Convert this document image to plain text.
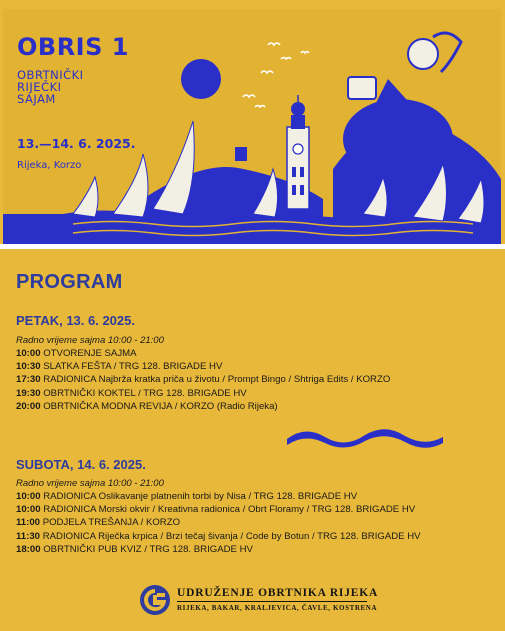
OBRIS 1
OBRTNIČKI
RIJEČKI
SAJAM
13.—14. 6. 2025.
Rijeka, Korzo
PROGRAM
PETAK, 13. 6. 2025.
Radno vrijeme sajma 10:00 - 21:00
10:00 OTVORENJE SAJMA
10:30 SLATKA FEŠTA / TRG 128. BRIGADE HV
17:30 RADIONICA Najbrža kratka priča u životu / Prompt Bingo / Shtriga Edits / KORZO
19:30 OBRTNIČKI KOKTEL / TRG 128. BRIGADE HV
20:00 OBRTNIČKA MODNA REVIJA / KORZO (Radio Rijeka)
SUBOTA, 14. 6. 2025.
Radno vrijeme sajma 10:00 - 21:00
10:00 RADIONICA Oslikavanje platnenih torbi by Nisa / TRG 128. BRIGADE HV
10:00 RADIONICA Morski okvir / Kreativna radionica / Obrt Floramy / TRG 128. BRIGADE HV
11:00 PODJELA TREŠANJA / KORZO
11:30 RADIONICA Riječka krpica / Brzi tečaj šivanja / Code by Botun / TRG 128. BRIGADE HV
18:00 OBRTNIČKI PUB KVIZ / TRG 128. BRIGADE HV
UDRUŽENJE OBRTNIKA RIJEKA
RIJEKA, BAKAR, KRALJEVICA, ČAVLE, KOSTRENA
